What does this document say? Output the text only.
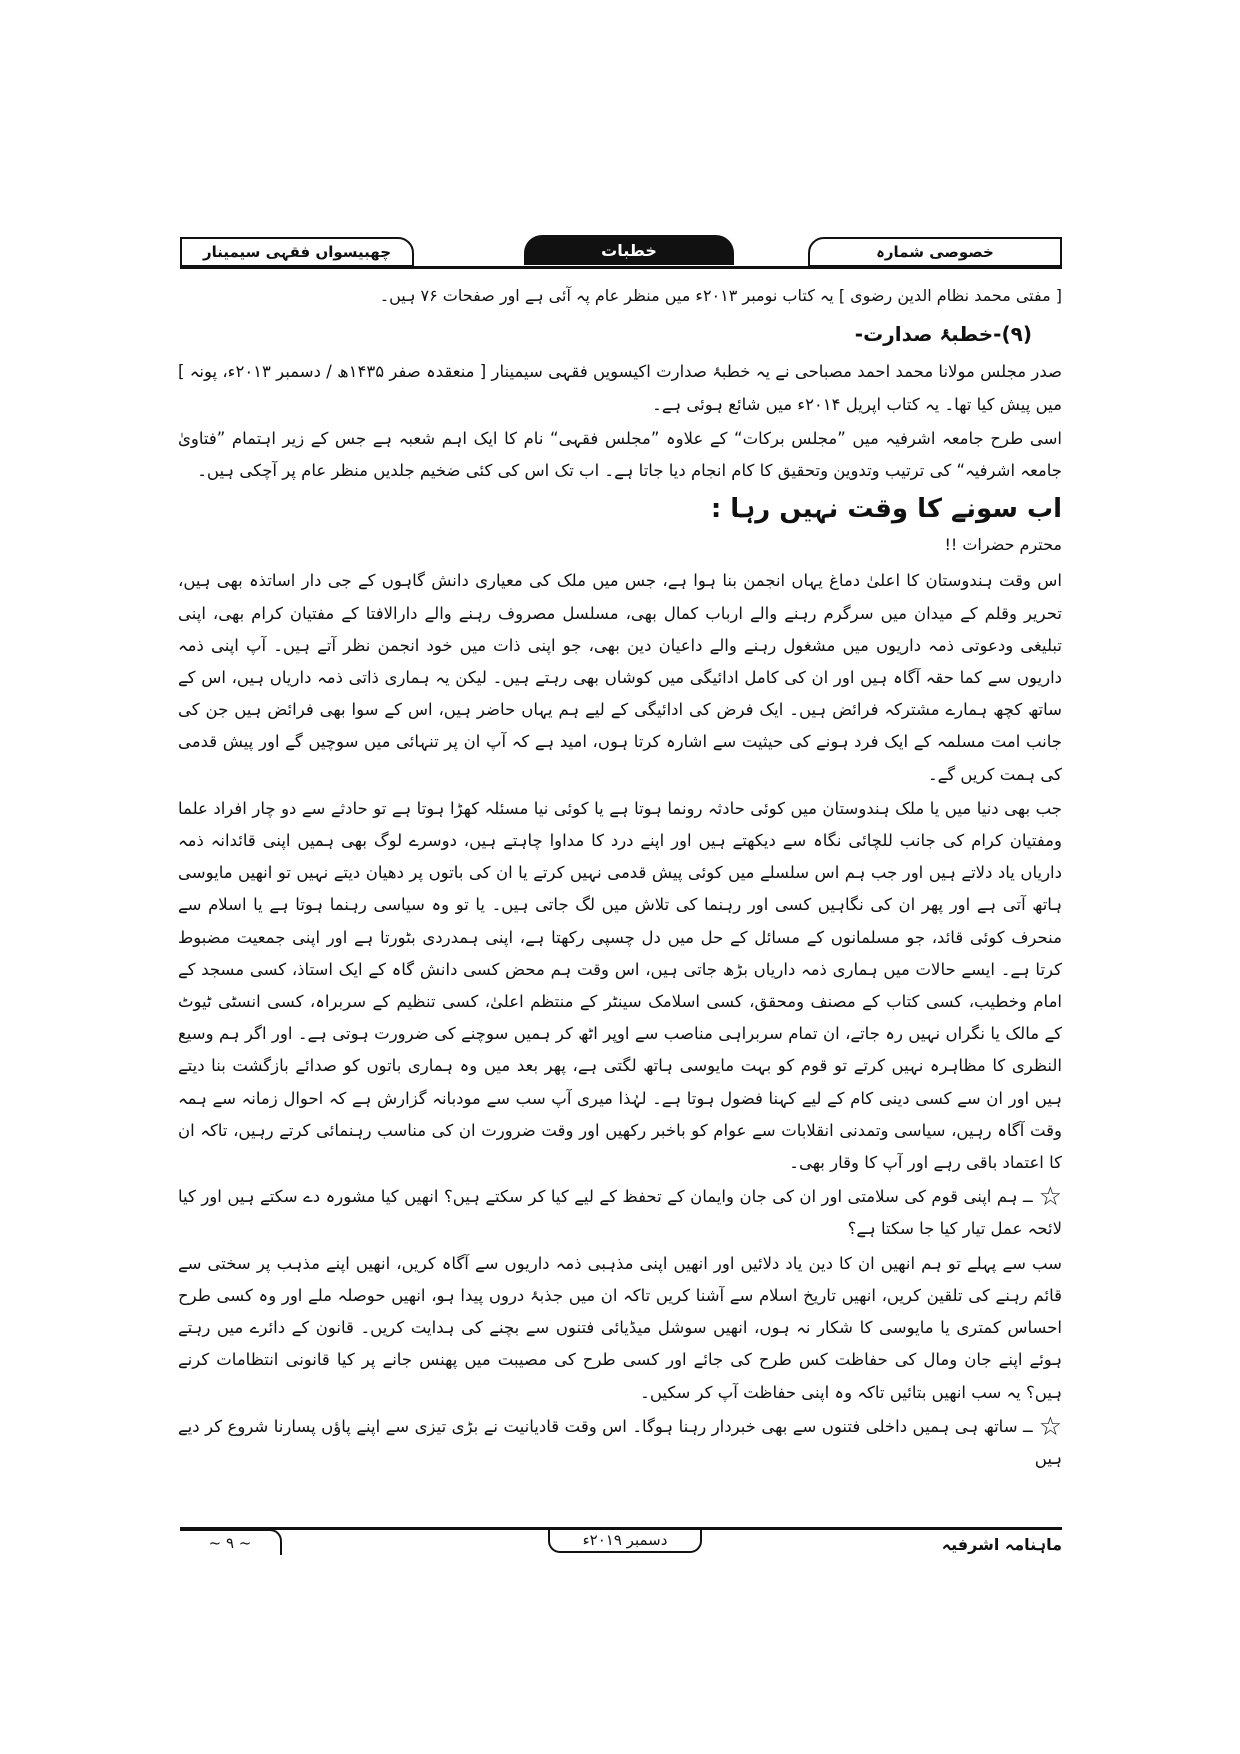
چھبیسواں فقہی سیمینار	خطبات	خصوصی شمارہ

[ مفتی محمد نظام الدین رضوی ] یہ کتاب نومبر ۲۰۱۳ء میں منظر عام پہ آئی ہے اور صفحات ۷۶ ہیں۔

(۹)-خطبۂ صدارت-

صدر مجلس مولانا محمد احمد مصباحی نے یہ خطبۂ صدارت اکیسویں فقہی سیمینار [ منعقدہ صفر ۱۴۳۵ھ / دسمبر ۲۰۱۳ء، پونہ ] میں پیش کیا تھا۔ یہ کتاب اپریل ۲۰۱۴ء میں شائع ہوئی ہے۔

اسی طرح جامعہ اشرفیہ میں ”مجلس برکات“ کے علاوہ ”مجلس فقہی“ نام کا ایک اہم شعبہ ہے جس کے زیر اہتمام ”فتاویٰ جامعہ اشرفیہ“ کی ترتیب وتدوین وتحقیق کا کام انجام دیا جاتا ہے۔ اب تک اس کی کئی ضخیم جلدیں منظر عام پر آچکی ہیں۔

اب سونے کا وقت نہیں رہا :

محترم حضرات !!

اس وقت ہندوستان کا اعلیٰ دماغ یہاں انجمن بنا ہوا ہے، جس میں ملک کی معیاری دانش گاہوں کے جی دار اساتذہ بھی ہیں، تحریر وقلم کے میدان میں سرگرم رہنے والے ارباب کمال بھی، مسلسل مصروف رہنے والے دارالافتا کے مفتیان کرام بھی، اپنی تبلیغی ودعوتی ذمہ داریوں میں مشغول رہنے والے داعیان دین بھی، جو اپنی ذات میں خود انجمن نظر آتے ہیں۔ آپ اپنی ذمہ داریوں سے کما حقہ آگاہ ہیں اور ان کی کامل ادائیگی میں کوشاں بھی رہتے ہیں۔ لیکن یہ ہماری ذاتی ذمہ داریاں ہیں، اس کے ساتھ کچھ ہمارے مشترکہ فرائض ہیں۔ ایک فرض کی ادائیگی کے لیے ہم یہاں حاضر ہیں، اس کے سوا بھی فرائض ہیں جن کی جانب امت مسلمہ کے ایک فرد ہونے کی حیثیت سے اشارہ کرتا ہوں، امید ہے کہ آپ ان پر تنہائی میں سوچیں گے اور پیش قدمی کی ہمت کریں گے۔

جب بھی دنیا میں یا ملک ہندوستان میں کوئی حادثہ رونما ہوتا ہے یا کوئی نیا مسئلہ کھڑا ہوتا ہے تو حادثے سے دو چار افراد علما ومفتیان کرام کی جانب للچائی نگاہ سے دیکھتے ہیں اور اپنے درد کا مداوا چاہتے ہیں، دوسرے لوگ بھی ہمیں اپنی قائدانہ ذمہ داریاں یاد دلاتے ہیں اور جب ہم اس سلسلے میں کوئی پیش قدمی نہیں کرتے یا ان کی باتوں پر دھیان دیتے نہیں تو انھیں مایوسی ہاتھ آتی ہے اور پھر ان کی نگاہیں کسی اور رہنما کی تلاش میں لگ جاتی ہیں۔ یا تو وہ سیاسی رہنما ہوتا ہے یا اسلام سے منحرف کوئی قائد، جو مسلمانوں کے مسائل کے حل میں دل چسپی رکھتا ہے، اپنی ہمدردی بٹورتا ہے اور اپنی جمعیت مضبوط کرتا ہے۔ ایسے حالات میں ہماری ذمہ داریاں بڑھ جاتی ہیں، اس وقت ہم محض کسی دانش گاہ کے ایک استاذ، کسی مسجد کے امام وخطیب، کسی کتاب کے مصنف ومحقق، کسی اسلامک سینٹر کے منتظم اعلیٰ، کسی تنظیم کے سربراہ، کسی انسٹی ٹیوٹ کے مالک یا نگراں نہیں رہ جاتے، ان تمام سربراہی مناصب سے اوپر اٹھ کر ہمیں سوچنے کی ضرورت ہوتی ہے۔ اور اگر ہم وسیع النظری کا مظاہرہ نہیں کرتے تو قوم کو بہت مایوسی ہاتھ لگتی ہے، پھر بعد میں وہ ہماری باتوں کو صدائے بازگشت بنا دیتے ہیں اور ان سے کسی دینی کام کے لیے کہنا فضول ہوتا ہے۔ لہٰذا میری آپ سب سے مودبانہ گزارش ہے کہ احوال زمانہ سے ہمہ وقت آگاہ رہیں، سیاسی وتمدنی انقلابات سے عوام کو باخبر رکھیں اور وقت ضرورت ان کی مناسب رہنمائی کرتے رہیں، تاکہ ان کا اعتماد باقی رہے اور آپ کا وقار بھی۔

☆ــ ہم اپنی قوم کی سلامتی اور ان کی جان وایمان کے تحفظ کے لیے کیا کر سکتے ہیں؟ انھیں کیا مشورہ دے سکتے ہیں اور کیا لائحہ عمل تیار کیا جا سکتا ہے؟

سب سے پہلے تو ہم انھیں ان کا دین یاد دلائیں اور انھیں اپنی مذہبی ذمہ داریوں سے آگاہ کریں، انھیں اپنے مذہب پر سختی سے قائم رہنے کی تلقین کریں، انھیں تاریخ اسلام سے آشنا کریں تاکہ ان میں جذبۂ دروں پیدا ہو، انھیں حوصلہ ملے اور وہ کسی طرح احساس کمتری یا مایوسی کا شکار نہ ہوں، انھیں سوشل میڈیائی فتنوں سے بچنے کی ہدایت کریں۔ قانون کے دائرے میں رہتے ہوئے اپنے جان ومال کی حفاظت کس طرح کی جائے اور کسی طرح کی مصیبت میں پھنس جانے پر کیا قانونی انتظامات کرنے ہیں؟ یہ سب انھیں بتائیں تاکہ وہ اپنی حفاظت آپ کر سکیں۔

☆ــ ساتھ ہی ہمیں داخلی فتنوں سے بھی خبردار رہنا ہوگا۔ اس وقت قادیانیت نے بڑی تیزی سے اپنے پاؤں پسارنا شروع کر دیے ہیں

ماہنامہ اشرفیہ
دسمبر ۲۰۱۹ء
~ ۹ ~
